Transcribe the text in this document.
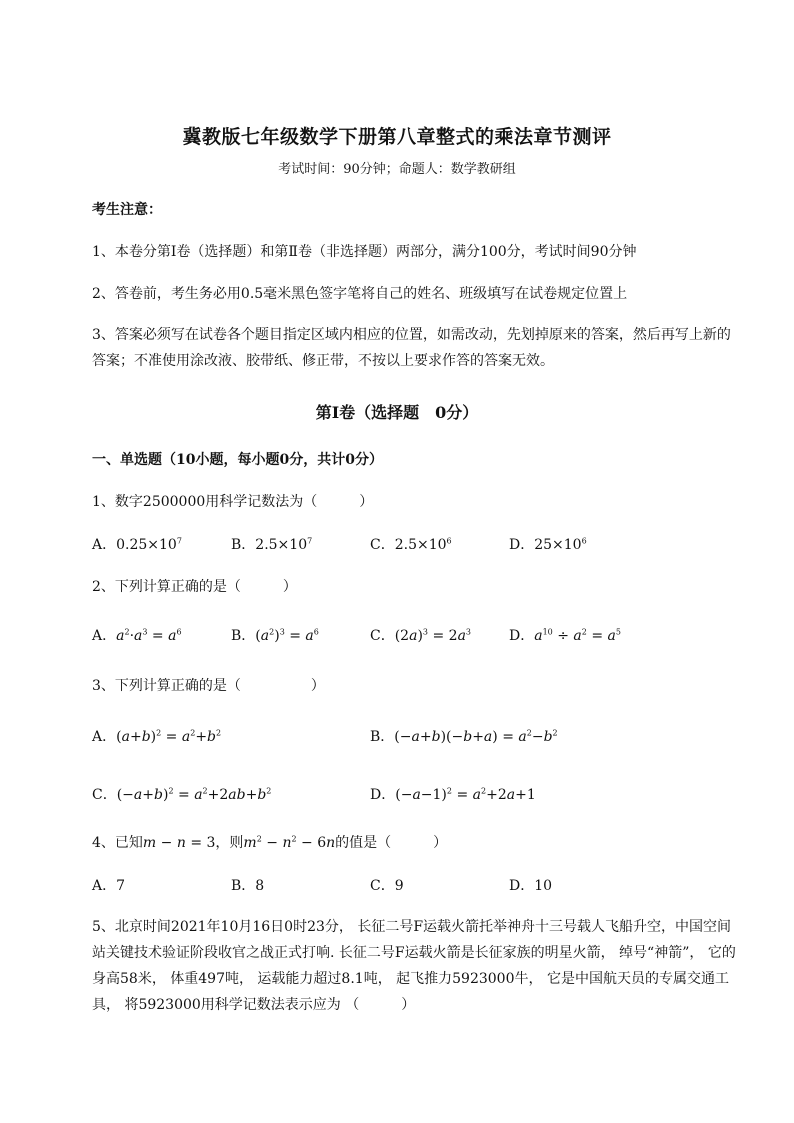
冀教版七年级数学下册第八章整式的乘法章节测评
考试时间：90分钟；命题人：数学教研组
考生注意：
1、本卷分第I卷（选择题）和第Ⅱ卷（非选择题）两部分，满分100分，考试时间90分钟
2、答卷前，考生务必用0.5毫米黑色签字笔将自己的姓名、班级填写在试卷规定位置上
3、答案必须写在试卷各个题目指定区域内相应的位置，如需改动，先划掉原来的答案，然后再写上新的答案；不准使用涂改液、胶带纸、修正带，不按以上要求作答的答案无效。
第I卷（选择题　0分）
一、单选题（10小题，每小题0分，共计0分）
1、数字2500000用科学记数法为（　　　）
A．$0.25\times 10^7$	B．$2.5\times 10^7$	C．$2.5\times 10^6$	D．$25\times 10^6$
2、下列计算正确的是（　　　）
A．$a^2\cdot a^3 = a^6$	B．$(a^2)^3 = a^6$	C．$(2a)^3 = 2a^3$	D．$a^{10} \div a^2 = a^5$
3、下列计算正确的是（　　　　　）
A．$(a+b)^2 = a^2+b^2$	B．$(-a+b)(-b+a) = a^2-b^2$
C．$(-a+b)^2 = a^2+2ab+b^2$	D．$(-a-1)^2 = a^2+2a+1$
4、已知m − n = 3，则$m^2 - n^2 - 6n$的值是（　　　）
A．7	B．8	C．9	D．10
5、北京时间2021年10月16日0时23分， 长征二号F运载火箭托举神舟十三号载人飞船升空，中国空间站关键技术验证阶段收官之战正式打响. 长征二号F运载火箭是长征家族的明星火箭， 绰号“神箭”， 它的身高58米， 体重497吨， 运载能力超过8.1吨， 起飞推力5923000牛， 它是中国航天员的专属交通工具， 将5923000用科学记数法表示应为 （　　　）
